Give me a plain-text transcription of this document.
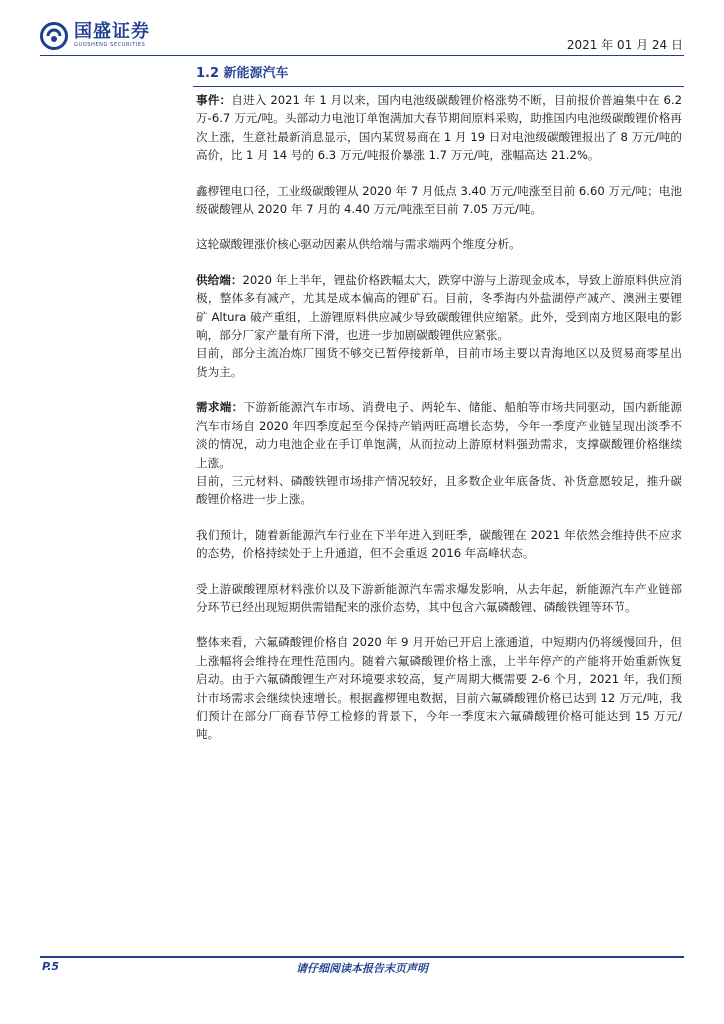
国盛证券
GUOSHENG SECURITIES	2021 年 01 月 24 日
1.2 新能源汽车

事件：自进入 2021 年 1 月以来，国内电池级碳酸锂价格涨势不断，目前报价普遍集中在 6.2 万-6.7 万元/吨。头部动力电池订单饱满加大春节期间原料采购，助推国内电池级碳酸锂价格再次上涨，生意社最新消息显示，国内某贸易商在 1 月 19 日对电池级碳酸锂报出了 8 万元/吨的高价，比 1 月 14 号的 6.3 万元/吨报价暴涨 1.7 万元/吨，涨幅高达 21.2%。

鑫椤锂电口径，工业级碳酸锂从 2020 年 7 月低点 3.40 万元/吨涨至目前 6.60 万元/吨；电池级碳酸锂从 2020 年 7 月的 4.40 万元/吨涨至目前 7.05 万元/吨。

这轮碳酸锂涨价核心驱动因素从供给端与需求端两个维度分析。

供给端：2020 年上半年，锂盐价格跌幅太大，跌穿中游与上游现金成本，导致上游原料供应消极，整体多有减产，尤其是成本偏高的锂矿石。目前，冬季海内外盐湖停产减产、澳洲主要锂矿 Altura 破产重组，上游锂原料供应减少导致碳酸锂供应缩紧。此外，受到南方地区限电的影响，部分厂家产量有所下滑，也进一步加剧碳酸锂供应紧张。

目前，部分主流冶炼厂囤货不够交已暂停接新单，目前市场主要以青海地区以及贸易商零星出货为主。

需求端：下游新能源汽车市场、消费电子、两轮车、储能、船舶等市场共同驱动，国内新能源汽车市场自 2020 年四季度起至今保持产销两旺高增长态势，今年一季度产业链呈现出淡季不淡的情况，动力电池企业在手订单饱满，从而拉动上游原材料强劲需求，支撑碳酸锂价格继续上涨。

目前，三元材料、磷酸铁锂市场排产情况较好，且多数企业年底备货、补货意愿较足，推升碳酸锂价格进一步上涨。

我们预计，随着新能源汽车行业在下半年进入到旺季，碳酸锂在 2021 年依然会维持供不应求的态势，价格持续处于上升通道，但不会重返 2016 年高峰状态。

受上游碳酸锂原材料涨价以及下游新能源汽车需求爆发影响，从去年起，新能源汽车产业链部分环节已经出现短期供需错配来的涨价态势，其中包含六氟磷酸锂、磷酸铁锂等环节。

整体来看，六氟磷酸锂价格自 2020 年 9 月开始已开启上涨通道，中短期内仍将缓慢回升，但上涨幅将会维持在理性范围内。随着六氟磷酸锂价格上涨，上半年停产的产能将开始重新恢复启动。由于六氟磷酸锂生产对环境要求较高，复产周期大概需要 2-6 个月，2021 年，我们预计市场需求会继续快速增长。根据鑫椤锂电数据，目前六氟磷酸锂价格已达到 12 万元/吨，我们预计在部分厂商春节停工检修的背景下，今年一季度末六氟磷酸锂价格可能达到 15 万元/吨。

P.5	请仔细阅读本报告末页声明
